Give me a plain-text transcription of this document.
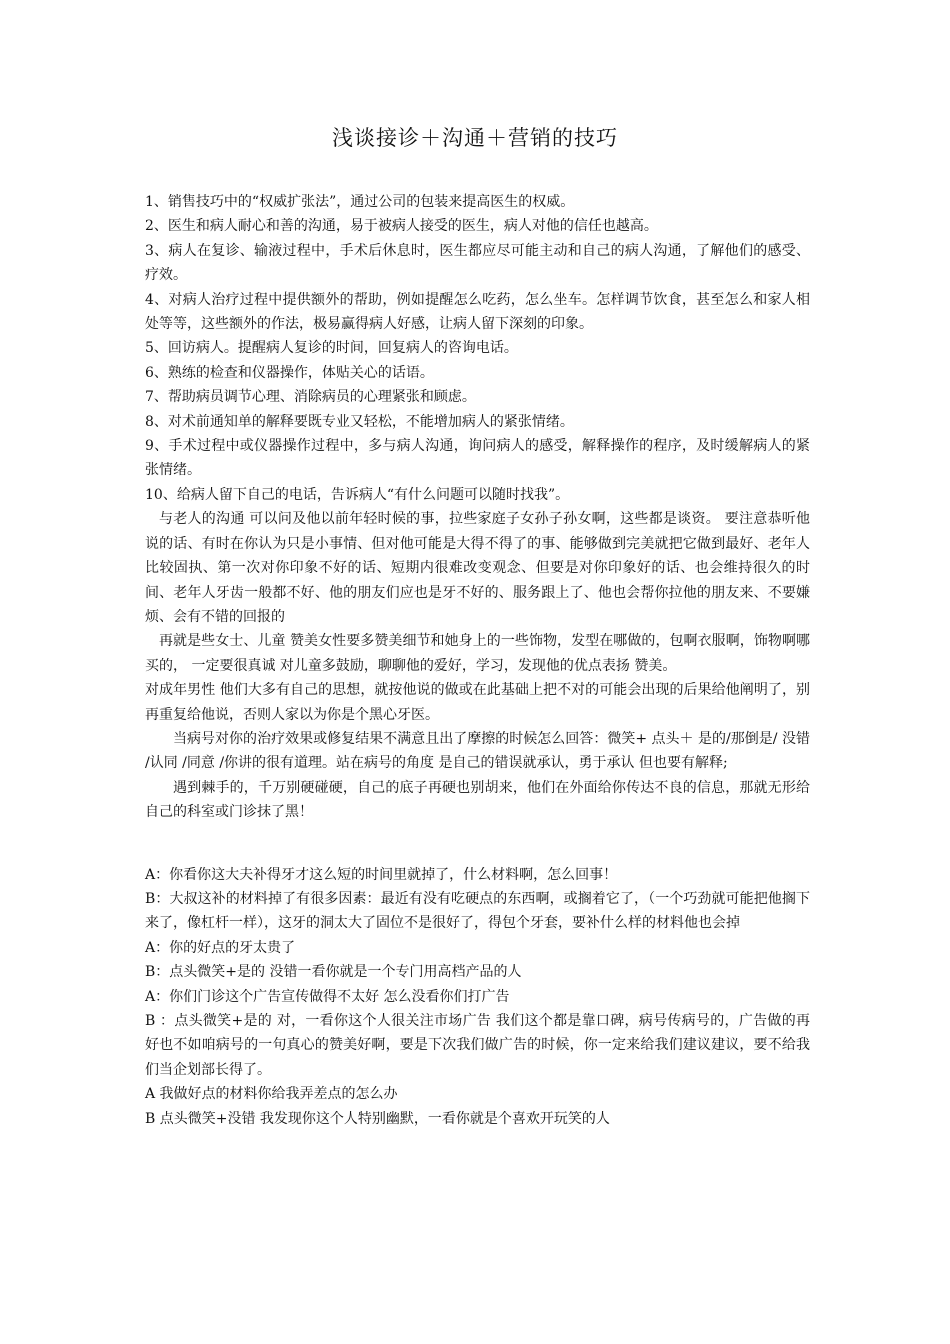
浅谈接诊＋沟通＋营销的技巧

1、销售技巧中的“权威扩张法”，通过公司的包装来提高医生的权威。

2、医生和病人耐心和善的沟通，易于被病人接受的医生，病人对他的信任也越高。

3、病人在复诊、输液过程中，手术后休息时，医生都应尽可能主动和自己的病人沟通，了解他们的感受、疗效。

4、对病人治疗过程中提供额外的帮助，例如提醒怎么吃药，怎么坐车。怎样调节饮食，甚至怎么和家人相处等等，这些额外的作法，极易赢得病人好感，让病人留下深刻的印象。

5、回访病人。提醒病人复诊的时间，回复病人的咨询电话。

6、熟练的检查和仪器操作，体贴关心的话语。

7、帮助病员调节心理、消除病员的心理紧张和顾虑。

8、对术前通知单的解释要既专业又轻松，不能增加病人的紧张情绪。

9、手术过程中或仪器操作过程中，多与病人沟通，询问病人的感受，解释操作的程序，及时缓解病人的紧张情绪。

10、给病人留下自己的电话，告诉病人“有什么问题可以随时找我”。

与老人的沟通 可以问及他以前年轻时候的事，拉些家庭子女孙子孙女啊，这些都是谈资。 要注意恭听他说的话、有时在你认为只是小事情、但对他可能是大得不得了的事、能够做到完美就把它做到最好、老年人比较固执、第一次对你印象不好的话、短期内很难改变观念、但要是对你印象好的话、也会维持很久的时间、老年人牙齿一般都不好、他的朋友们应也是牙不好的、服务跟上了、他也会帮你拉他的朋友来、不要嫌烦、会有不错的回报的

再就是些女士、儿童 赞美女性要多赞美细节和她身上的一些饰物，发型在哪做的，包啊衣服啊，饰物啊哪买的， 一定要很真诚 对儿童多鼓励，聊聊他的爱好，学习，发现他的优点表扬 赞美。

对成年男性 他们大多有自己的思想，就按他说的做或在此基础上把不对的可能会出现的后果给他阐明了，别再重复给他说，否则人家以为你是个黑心牙医。

当病号对你的治疗效果或修复结果不满意且出了摩擦的时候怎么回答：微笑+ 点头＋ 是的/那倒是/ 没错 /认同 /同意 /你讲的很有道理。站在病号的角度 是自己的错误就承认，勇于承认 但也要有解释;

遇到棘手的，千万别硬碰硬，自己的底子再硬也别胡来，他们在外面给你传达不良的信息，那就无形给自己的科室或门诊抹了黑！

A：你看你这大夫补得牙才这么短的时间里就掉了，什么材料啊，怎么回事！

B：大叔这补的材料掉了有很多因素：最近有没有吃硬点的东西啊，或搁着它了，（一个巧劲就可能把他搁下来了，像杠杆一样），这牙的洞太大了固位不是很好了，得包个牙套，要补什么样的材料他也会掉

A：你的好点的牙太贵了

B：点头微笑+是的 没错一看你就是一个专门用高档产品的人

A：你们门诊这个广告宣传做得不太好 怎么没看你们打广告

B ：点头微笑+是的 对，一看你这个人很关注市场广告 我们这个都是靠口碑，病号传病号的，广告做的再好也不如咱病号的一句真心的赞美好啊，要是下次我们做广告的时候，你一定来给我们建议建议，要不给我们当企划部长得了。

A 我做好点的材料你给我弄差点的怎么办

B 点头微笑+没错 我发现你这个人特别幽默，一看你就是个喜欢开玩笑的人
